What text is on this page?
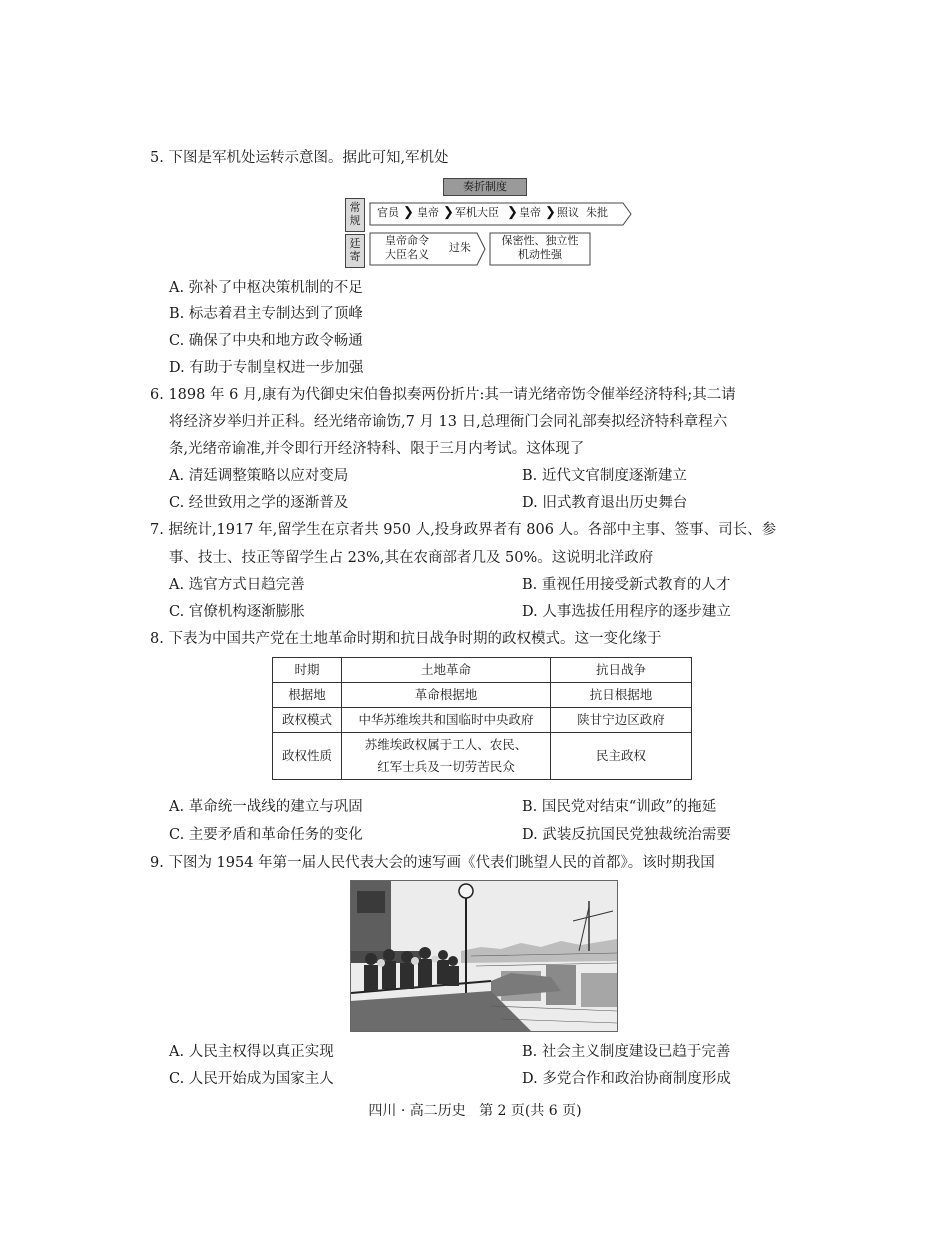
5. 下图是军机处运转示意图。据此可知,军机处
奏折制度
常规
官员 ❯ 皇帝 ❯ 军机大臣 ❯ 皇帝 ❯ 照议  朱批
廷寄
皇帝命令
大臣名义
过朱
保密性、独立性
机动性强
A. 弥补了中枢决策机制的不足
B. 标志着君主专制达到了顶峰
C. 确保了中央和地方政令畅通
D. 有助于专制皇权进一步加强
6. 1898 年 6 月,康有为代御史宋伯鲁拟奏两份折片:其一请光绪帝饬令催举经济特科;其二请
将经济岁举归并正科。经光绪帝谕饬,7 月 13 日,总理衙门会同礼部奏拟经济特科章程六
条,光绪帝谕准,并令即行开经济特科、限于三月内考试。这体现了
A. 清廷调整策略以应对变局	B. 近代文官制度逐渐建立
C. 经世致用之学的逐渐普及	D. 旧式教育退出历史舞台
7. 据统计,1917 年,留学生在京者共 950 人,投身政界者有 806 人。各部中主事、签事、司长、参
事、技士、技正等留学生占 23%,其在农商部者几及 50%。这说明北洋政府
A. 选官方式日趋完善	B. 重视任用接受新式教育的人才
C. 官僚机构逐渐膨胀	D. 人事选拔任用程序的逐步建立
8. 下表为中国共产党在土地革命时期和抗日战争时期的政权模式。这一变化缘于
时期	土地革命	抗日战争
根据地	革命根据地	抗日根据地
政权模式	中华苏维埃共和国临时中央政府	陕甘宁边区政府
政权性质	苏维埃政权属于工人、农民、
红军士兵及一切劳苦民众	民主政权
A. 革命统一战线的建立与巩固	B. 国民党对结束“训政”的拖延
C. 主要矛盾和革命任务的变化	D. 武装反抗国民党独裁统治需要
9. 下图为 1954 年第一届人民代表大会的速写画《代表们眺望人民的首都》。该时期我国
A. 人民主权得以真正实现	B. 社会主义制度建设已趋于完善
C. 人民开始成为国家主人	D. 多党合作和政治协商制度形成
四川 · 高二历史   第 2 页(共 6 页)
